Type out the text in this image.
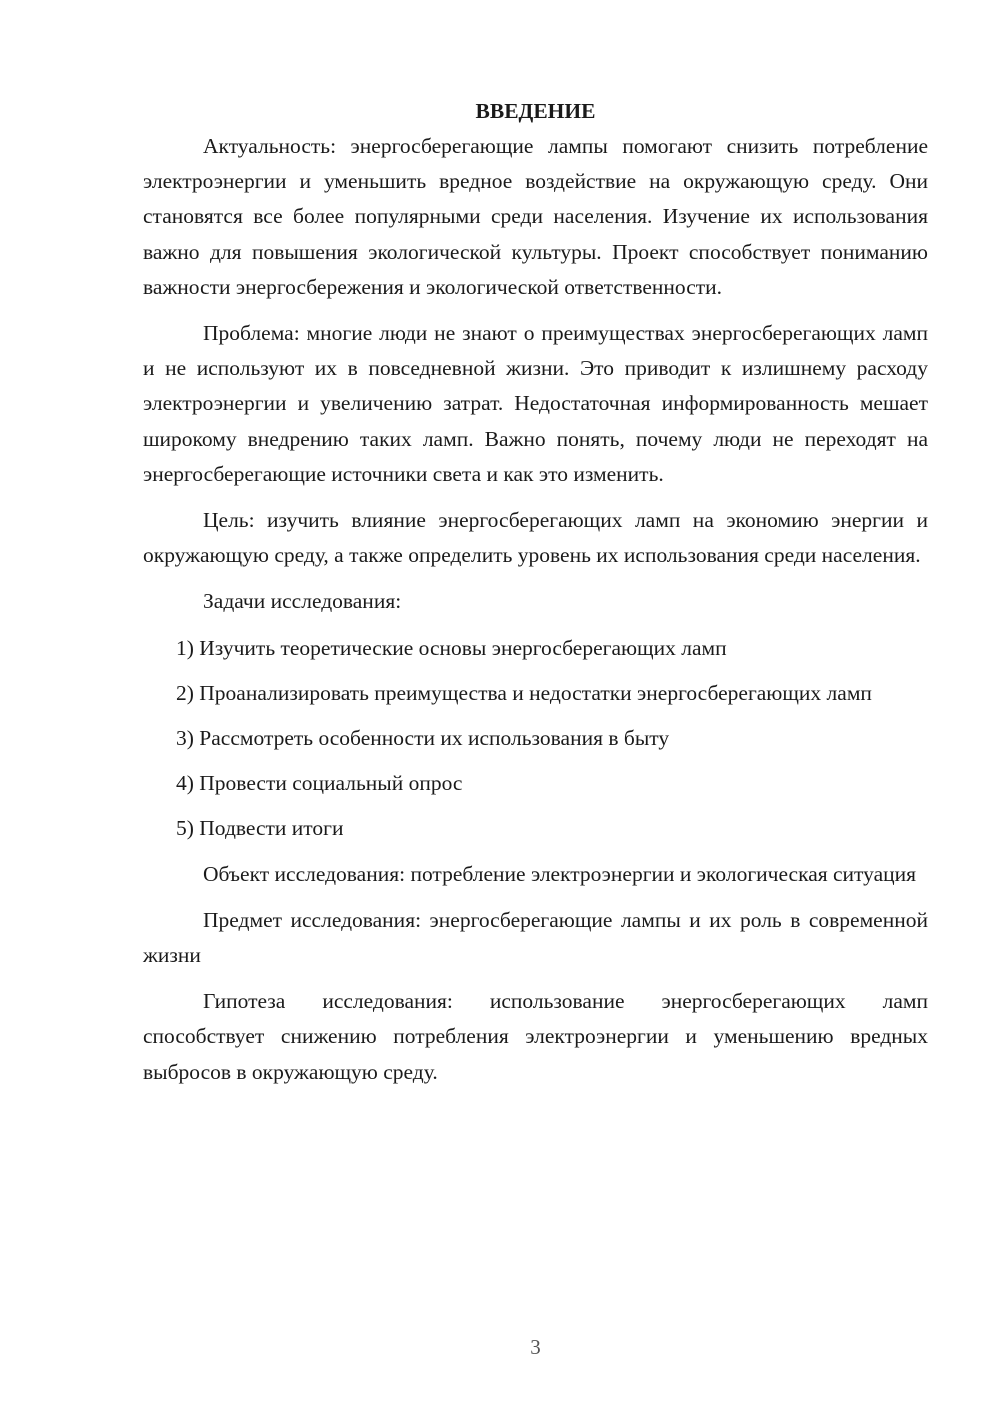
ВВЕДЕНИЕ

Актуальность: энергосберегающие лампы помогают снизить потребление электроэнергии и уменьшить вредное воздействие на окружающую среду. Они становятся все более популярными среди населения. Изучение их использования важно для повышения экологической культуры. Проект способствует пониманию важности энергосбережения и экологической ответственности.

Проблема: многие люди не знают о преимуществах энергосберегающих ламп и не используют их в повседневной жизни. Это приводит к излишнему расходу электроэнергии и увеличению затрат. Недостаточная информированность мешает широкому внедрению таких ламп. Важно понять, почему люди не переходят на энергосберегающие источники света и как это изменить.

Цель: изучить влияние энергосберегающих ламп на экономию энергии и окружающую среду, а также определить уровень их использования среди населения.

Задачи исследования:

1) Изучить теоретические основы энергосберегающих ламп

2) Проанализировать преимущества и недостатки энергосберегающих ламп

3) Рассмотреть особенности их использования в быту

4) Провести социальный опрос

5) Подвести итоги

Объект исследования: потребление электроэнергии и экологическая ситуация

Предмет исследования: энергосберегающие лампы и их роль в современной жизни

Гипотеза исследования: использование энергосберегающих ламп способствует снижению потребления электроэнергии и уменьшению вредных выбросов в окружающую среду.

3
